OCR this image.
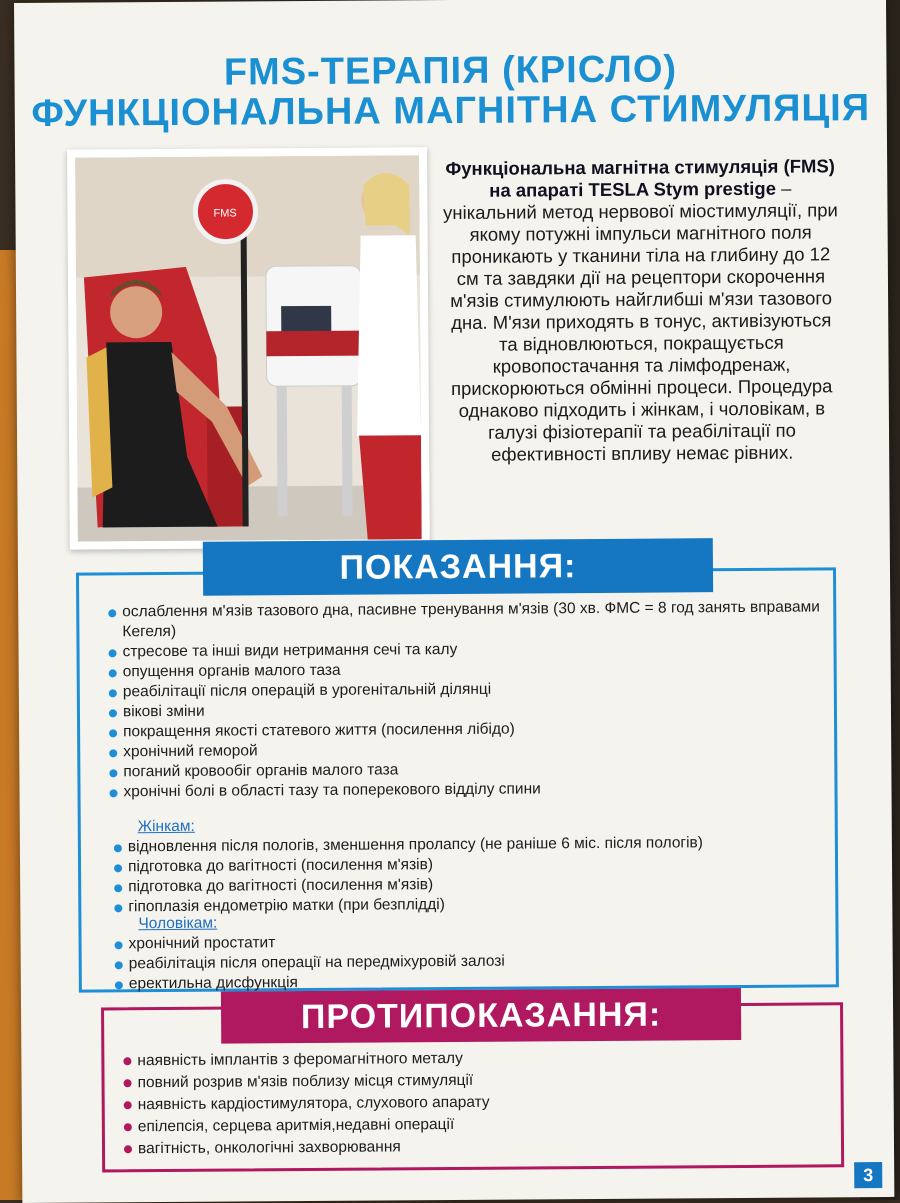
FMS-ТЕРАПІЯ (КРІСЛО)
ФУНКЦІОНАЛЬНА МАГНІТНА СТИМУЛЯЦІЯ
FMS
Функціональна магнітна стимуляція (FMS) на апараті TESLA Stym prestige – унікальний метод нервової міостимуляції, при якому потужні імпульси магнітного поля проникають у тканини тіла на глибину до 12 см та завдяки дії на рецептори скорочення м'язів стимулюють найглибші м'язи тазового дна. М'язи приходять в тонус, активізуються та відновлюються, покращується кровопостачання та лімфодренаж, прискорюються обмінні процеси. Процедура однаково підходить і жінкам, і чоловікам, в галузі фізіотерапії та реабілітації по ефективності впливу немає рівних.
ПОКАЗАННЯ:
ослаблення м'язів тазового дна, пасивне тренування м'язів (30 хв. ФМС = 8 год занять вправами Кегеля)
стресове та інші види нетримання сечі та калу
опущення органів малого таза
реабілітації після операцій в урогенітальній ділянці
вікові зміни
покращення якості статевого життя (посилення лібідо)
хронічний геморой
поганий кровообіг органів малого таза
хронічні болі в області тазу та поперекового відділу спини
Жінкам:
відновлення після пологів, зменшення пролапсу (не раніше 6 міс. після пологів)
підготовка до вагітності (посилення м'язів)
підготовка до вагітності (посилення м'язів)
гіпоплазія ендометрію матки (при безплідді)
Чоловікам:
хронічний простатит
реабілітація після операції на передміхуровій залозі
еректильна дисфункція
ПРОТИПОКАЗАННЯ:
наявність імплантів з феромагнітного металу
повний розрив м'язів поблизу місця стимуляції
наявність кардіостимулятора, слухового апарату
епілепсія, серцева аритмія,недавні операції
вагітність, онкологічні захворювання
3
